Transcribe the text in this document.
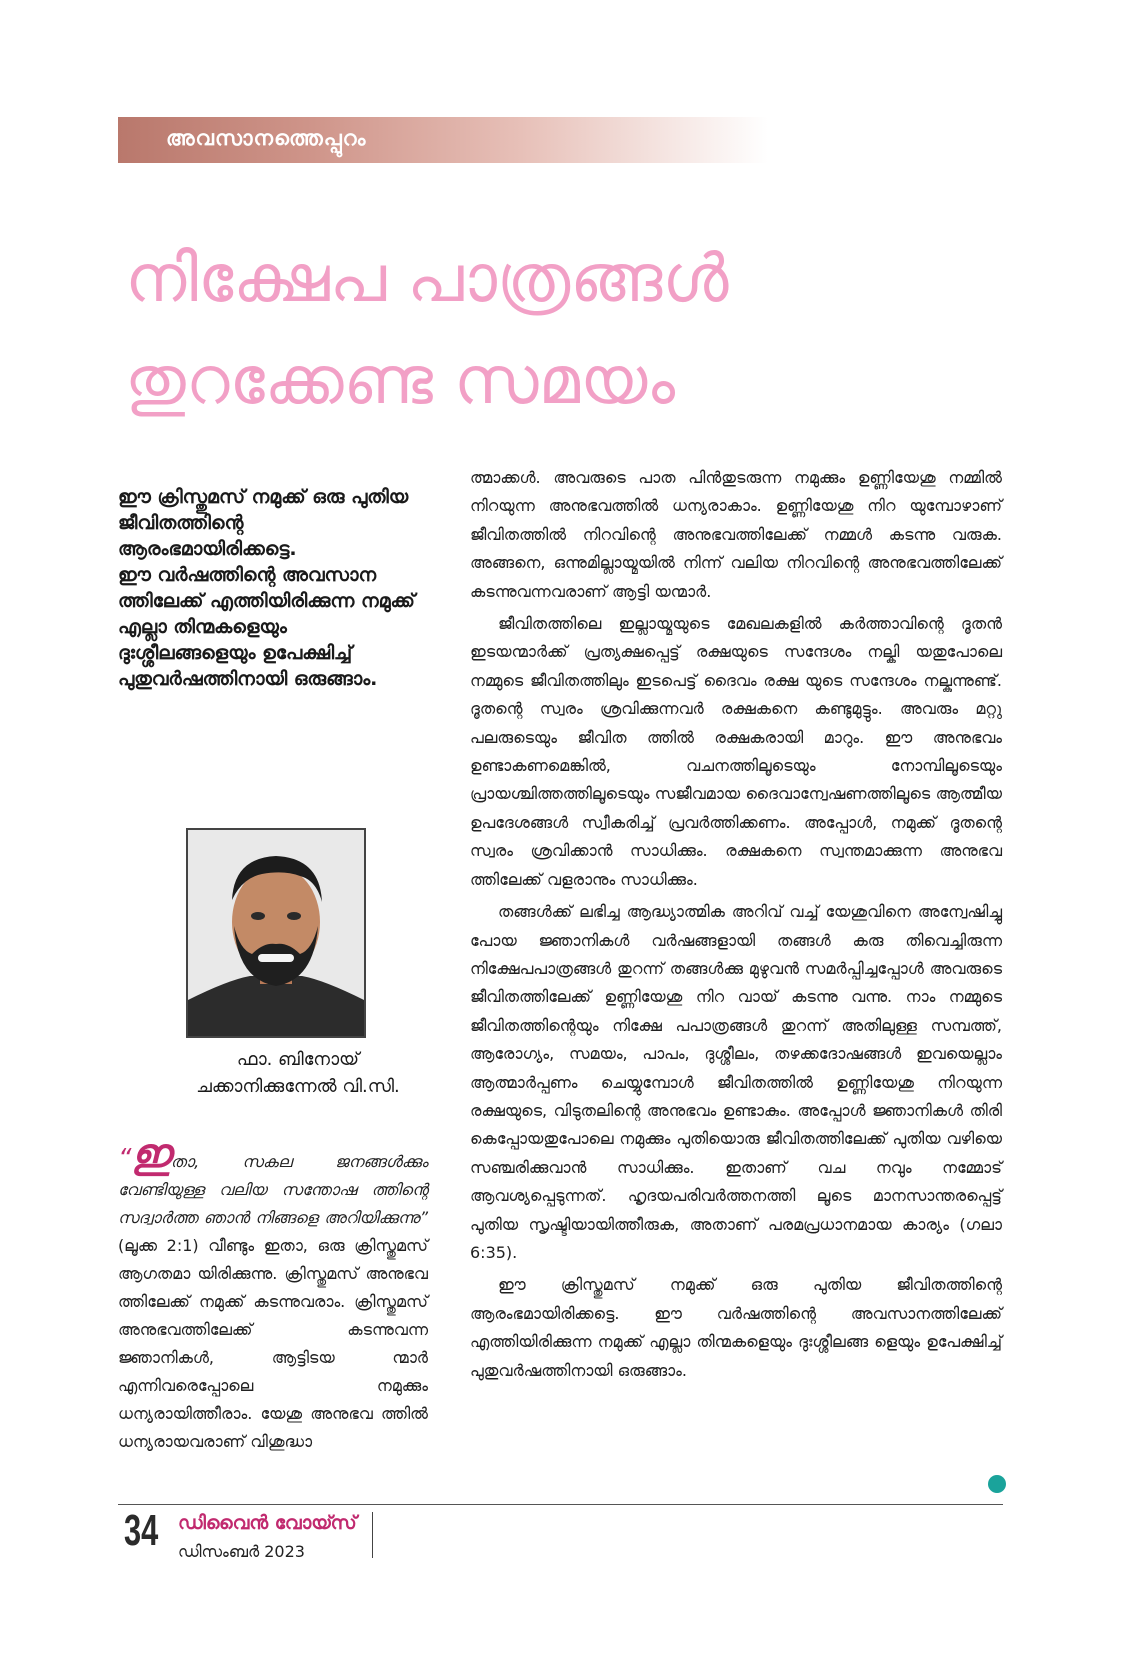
അവസാനത്തെപ്പുറം
നിക്ഷേപ പാത്രങ്ങൾ
തുറക്കേണ്ട സമയം

ഈ ക്രിസ്തുമസ് നമുക്ക് ഒരു പുതിയ ജീവിതത്തിന്റെ ആരംഭമായിരിക്കട്ടെ.

ഈ വർഷത്തിന്റെ അവസാന ത്തിലേക്ക് എത്തിയിരിക്കുന്ന നമുക്ക് എല്ലാ തിന്മകളെയും ദുഃശ്ശീലങ്ങളെയും ഉപേക്ഷിച്ച് പുതുവർഷത്തിനായി ഒരുങ്ങാം.

ഫാ. ബിനോയ്
ചക്കാനിക്കുന്നേൽ വി.സി.

“ഇതാ, സകല ജനങ്ങൾക്കും വേണ്ടിയുള്ള വലിയ സന്തോഷ ത്തിന്റെ സദ്വാർത്ത ഞാൻ നിങ്ങളെ അറിയിക്കുന്നു” (ലൂക്ക 2:1) വീണ്ടും ഇതാ, ഒരു ക്രിസ്തുമസ് ആഗതമാ യിരിക്കുന്നു. ക്രിസ്തുമസ് അനുഭവ ത്തിലേക്ക് നമുക്ക് കടന്നുവരാം. ക്രിസ്തുമസ് അനുഭവത്തിലേക്ക് കടന്നുവന്ന ജ്ഞാനികൾ, ആട്ടിടയ ന്മാർ എന്നിവരെപ്പോലെ നമുക്കും ധന്യരായിത്തീരാം. യേശു അനുഭവ ത്തിൽ ധന്യരായവരാണ് വിശുദ്ധാ

ത്മാക്കൾ. അവരുടെ പാത പിൻതുടരുന്ന നമുക്കും ഉണ്ണിയേശു നമ്മിൽ നിറയുന്ന അനുഭവത്തിൽ ധന്യരാകാം. ഉണ്ണിയേശു നിറ യുമ്പോഴാണ് ജീവിതത്തിൽ നിറവിന്റെ അനുഭവത്തിലേക്ക് നമ്മൾ കടന്നു വരുക. അങ്ങനെ, ഒന്നുമില്ലായ്മയിൽ നിന്ന് വലിയ നിറവിന്റെ അനുഭവത്തിലേക്ക് കടന്നുവന്നവരാണ് ആട്ടി യന്മാർ.

ജീവിതത്തിലെ ഇല്ലായ്മയുടെ മേഖലകളിൽ കർത്താവിന്റെ ദൂതൻ ഇടയന്മാർക്ക് പ്രത്യക്ഷപ്പെട്ട് രക്ഷയുടെ സന്ദേശം നല്കി യതുപോലെ നമ്മുടെ ജീവിതത്തിലും ഇടപെട്ട് ദൈവം രക്ഷ യുടെ സന്ദേശം നല്കുന്നുണ്ട്. ദൂതന്റെ സ്വരം ശ്രവിക്കുന്നവർ രക്ഷകനെ കണ്ടുമുട്ടും. അവരും മറ്റു പലരുടെയും ജീവിത ത്തിൽ രക്ഷകരായി മാറും. ഈ അനുഭവം ഉണ്ടാകണമെങ്കിൽ, വചനത്തിലൂടെയും നോമ്പിലൂടെയും പ്രായശ്ചിത്തത്തിലൂടെയും സജീവമായ ദൈവാന്വേഷണത്തിലൂടെ ആത്മീയ ഉപദേശങ്ങൾ സ്വീകരിച്ച് പ്രവർത്തിക്കണം. അപ്പോൾ, നമുക്ക് ദൂതന്റെ സ്വരം ശ്രവിക്കാൻ സാധിക്കും. രക്ഷകനെ സ്വന്തമാക്കുന്ന അനുഭവ ത്തിലേക്ക് വളരാനും സാധിക്കും.

തങ്ങൾക്ക് ലഭിച്ച ആദ്ധ്യാത്മിക അറിവ് വച്ച് യേശുവിനെ അന്വേഷിച്ചു പോയ ജ്ഞാനികൾ വർഷങ്ങളായി തങ്ങൾ കരു തിവെച്ചിരുന്ന നിക്ഷേപപാത്രങ്ങൾ തുറന്ന് തങ്ങൾക്കു മുഴുവൻ സമർപ്പിച്ചപ്പോൾ അവരുടെ ജീവിതത്തിലേക്ക് ഉണ്ണിയേശു നിറ വായ് കടന്നു വന്നു. നാം നമ്മുടെ ജീവിതത്തിന്റെയും നിക്ഷേ പപാത്രങ്ങൾ തുറന്ന് അതിലുള്ള സമ്പത്ത്, ആരോഗ്യം, സമയം, പാപം, ദുശ്ശീലം, തഴക്കദോഷങ്ങൾ ഇവയെല്ലാം ആത്മാർപ്പണം ചെയ്യുമ്പോൾ ജീവിതത്തിൽ ഉണ്ണിയേശു നിറയുന്ന രക്ഷയുടെ, വിടുതലിന്റെ അനുഭവം ഉണ്ടാകും. അപ്പോൾ ജ്ഞാനികൾ തിരി കെപ്പോയതുപോലെ നമുക്കും പുതിയൊരു ജീവിതത്തിലേക്ക് പുതിയ വഴിയെ സഞ്ചരിക്കുവാൻ സാധിക്കും. ഇതാണ് വച നവും നമ്മോട് ആവശ്യപ്പെടുന്നത്. ഹൃദയപരിവർത്തനത്തി ലൂടെ മാനസാന്തരപ്പെട്ട് പുതിയ സൃഷ്ടിയായിത്തീരുക, അതാണ് പരമപ്രധാനമായ കാര്യം (ഗലാ 6:35).

ഈ ക്രിസ്തുമസ് നമുക്ക് ഒരു പുതിയ ജീവിതത്തിന്റെ ആരംഭമായിരിക്കട്ടെ. ഈ വർഷത്തിന്റെ അവസാനത്തിലേക്ക് എത്തിയിരിക്കുന്ന നമുക്ക് എല്ലാ തിന്മകളെയും ദുഃശ്ശീലങ്ങ ളെയും ഉപേക്ഷിച്ച് പുതുവർഷത്തിനായി ഒരുങ്ങാം.

34 ഡിവൈൻ വോയ്സ്
ഡിസംബർ 2023
